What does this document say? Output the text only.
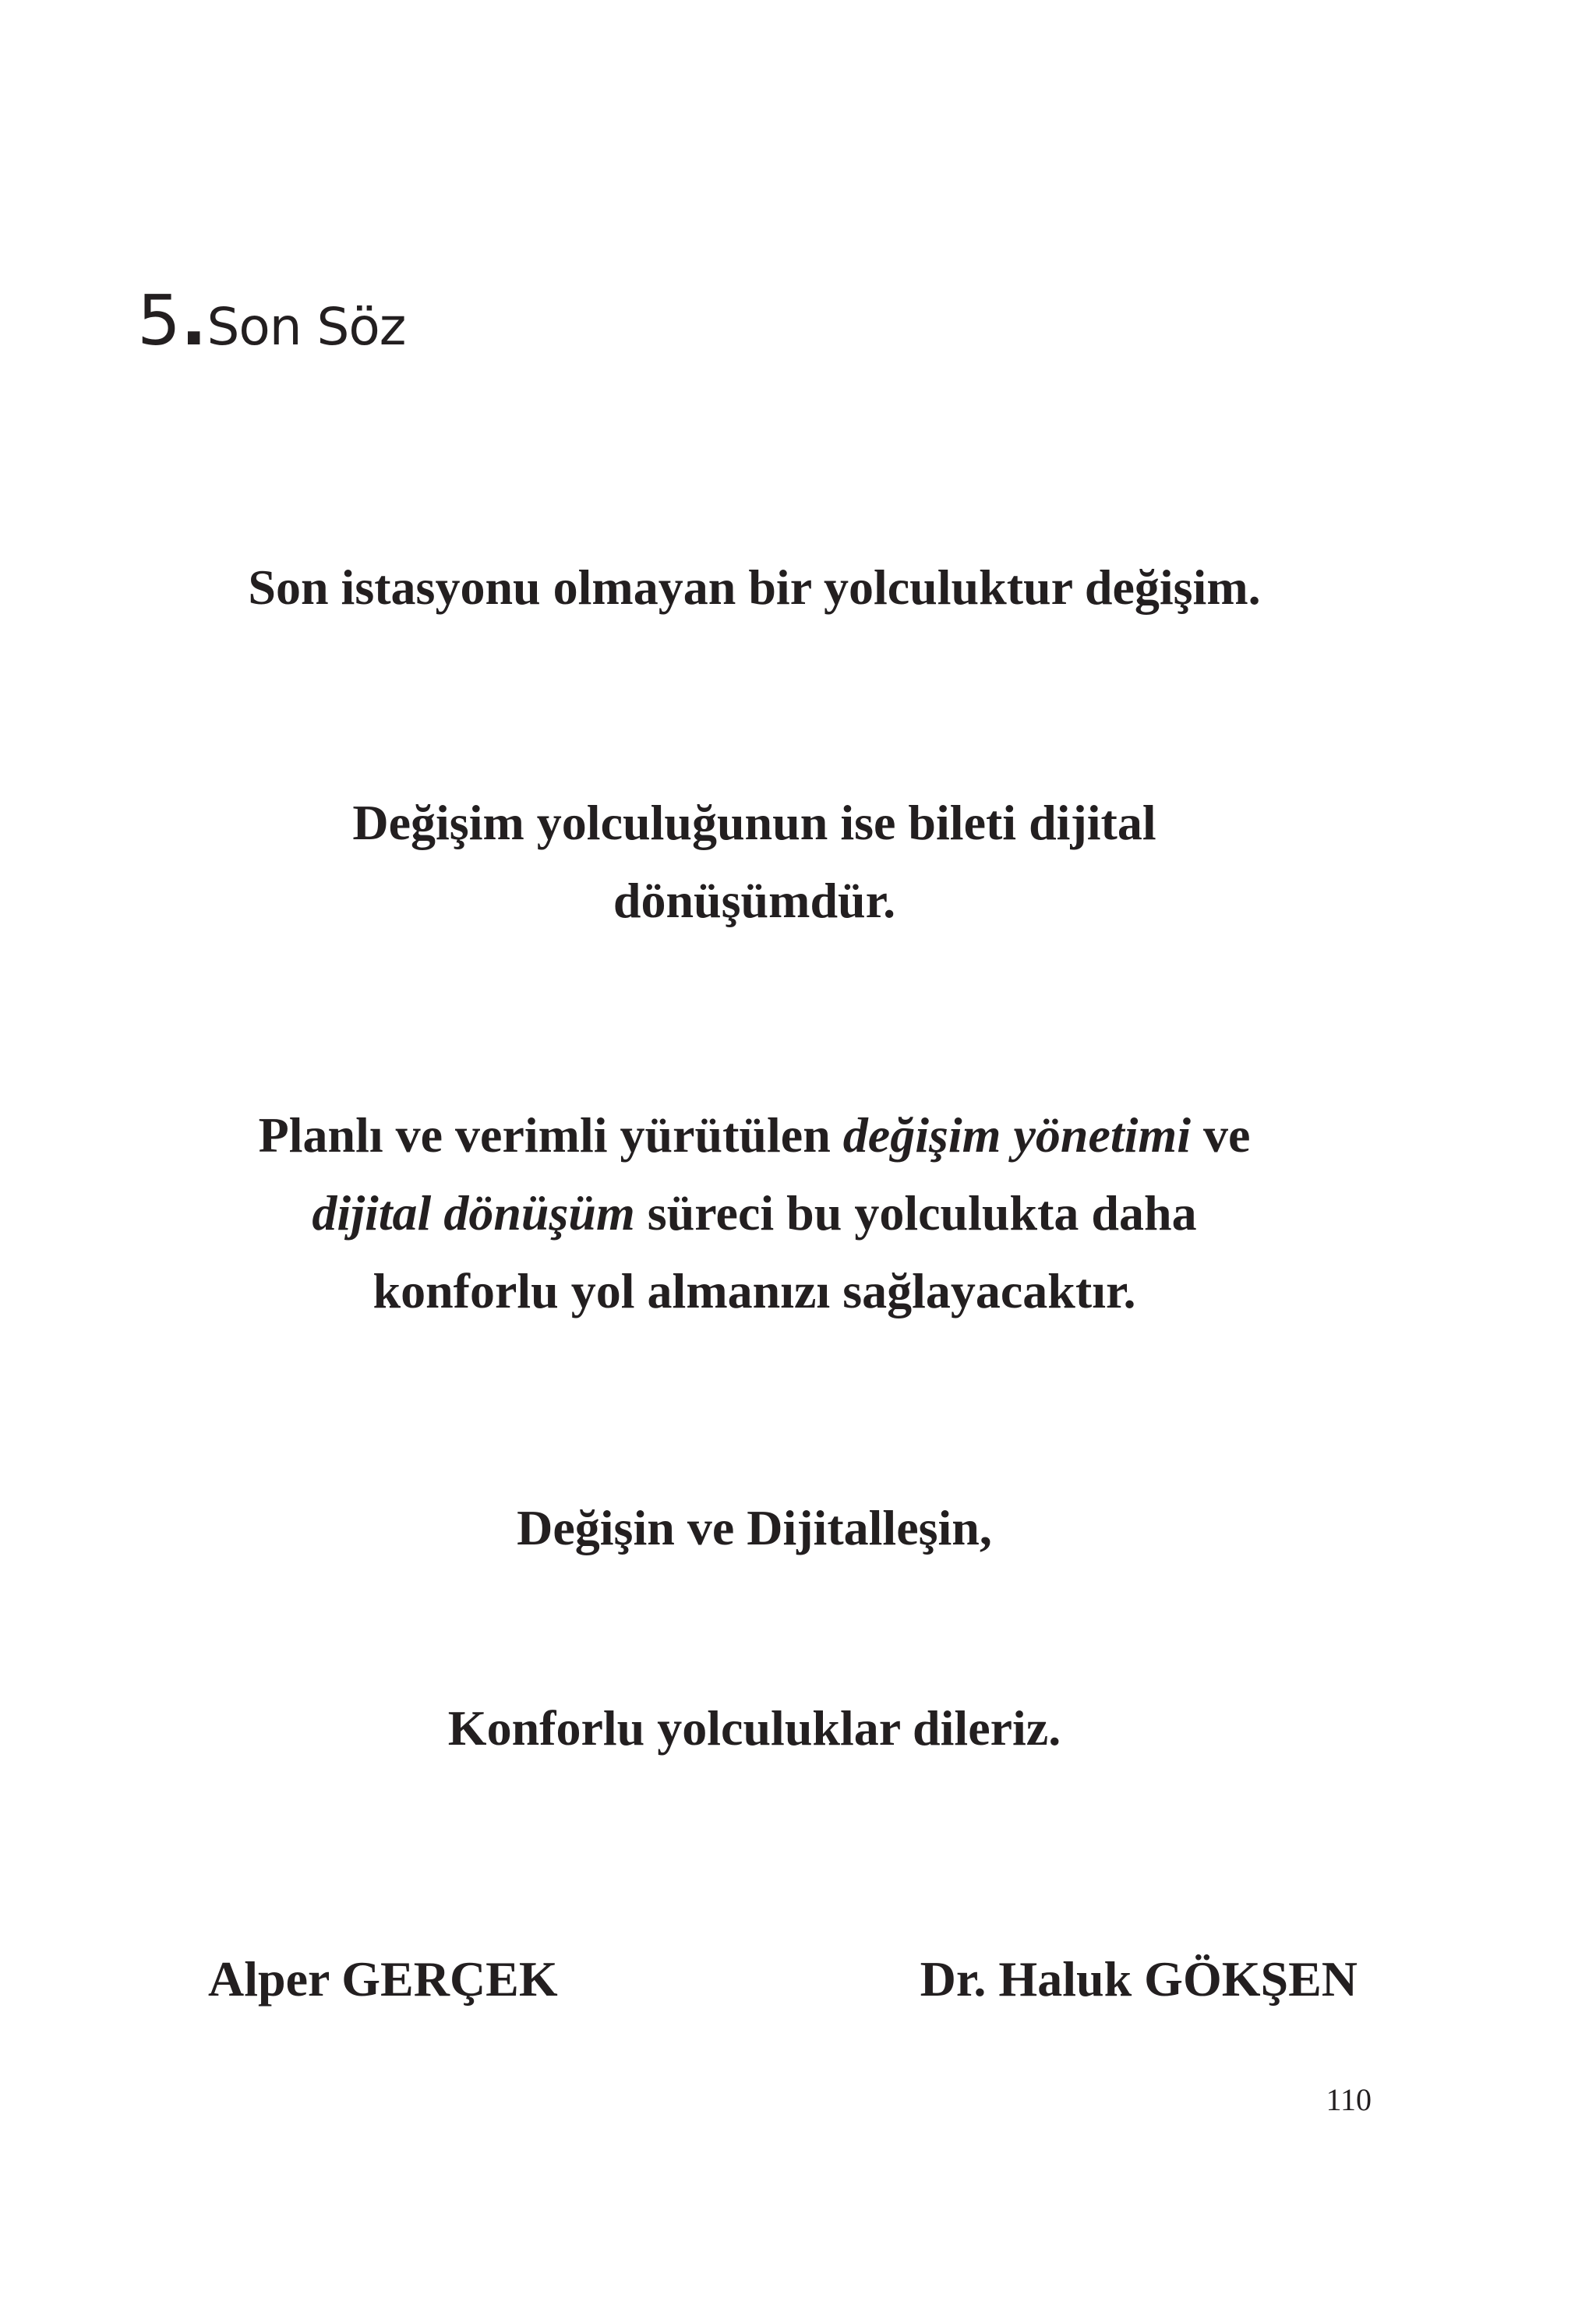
5.Son Söz

Son istasyonu olmayan bir yolculuktur değişim.

Değişim yolculuğunun ise bileti dijital
dönüşümdür.

Planlı ve verimli yürütülen değişim yönetimi ve
dijital dönüşüm süreci bu yolculukta daha
konforlu yol almanızı sağlayacaktır.

Değişin ve Dijitalleşin,

Konforlu yolculuklar dileriz.

Alper GERÇEK	Dr. Haluk GÖKŞEN

110
